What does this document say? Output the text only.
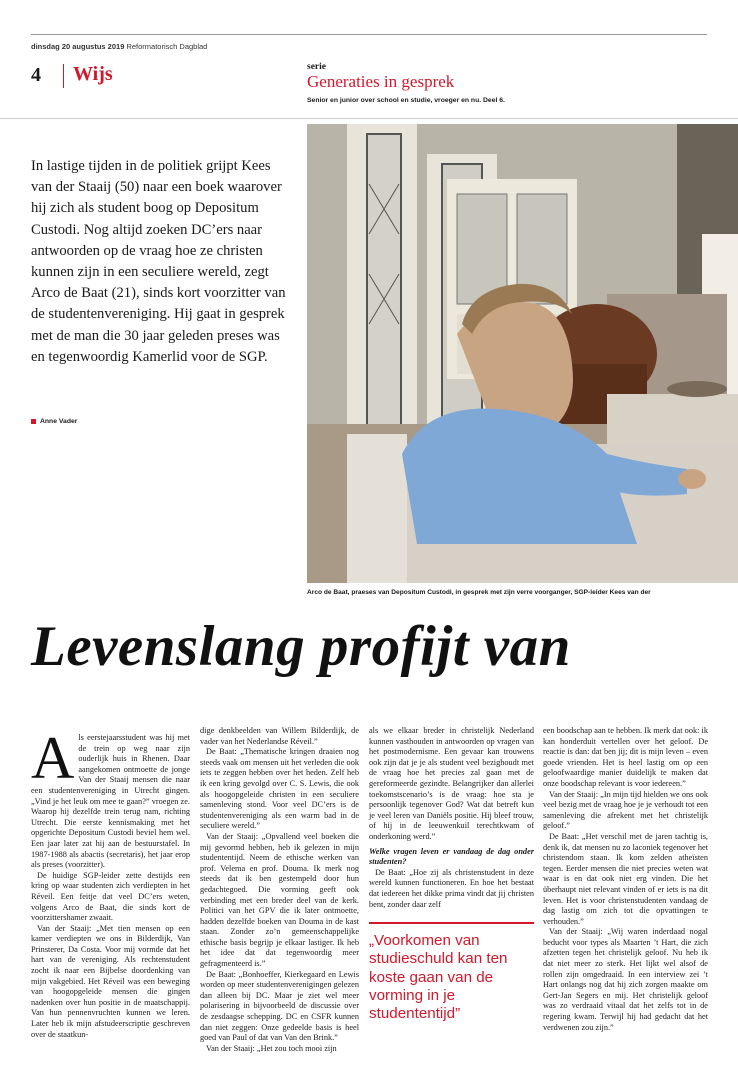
dinsdag 20 augustus 2019 Reformatorisch Dagblad
4 Wijs	serie
Generaties in gesprek
Senior en junior over school en studie, vroeger en nu. Deel 6.
In lastige tijden in de politiek grijpt Kees van der Staaij (50) naar een boek waarover hij zich als student boog op Depositum Custodi. Nog altijd zoeken DC’ers naar antwoorden op de vraag hoe ze christen kunnen zijn in een seculiere wereld, zegt Arco de Baat (21), sinds kort voorzitter van de studentenvereniging. Hij gaat in gesprek met de man die 30 jaar geleden preses was en tegenwoordig Kamerlid voor de SGP.
Anne Vader
Arco de Baat, praeses van Depositum Custodi, in gesprek met zijn verre voorganger, SGP-leider Kees van der
Levenslang profijt van
A ls eerstejaarsstudent was hij met de trein op weg naar zijn ouderlijk huis in Rhenen. Daar aangekomen ontmoette de jonge Van der Staaij mensen die naar een studentenvereniging in Utrecht gingen. „Vind je het leuk om mee te gaan?” vroegen ze. Waarop hij dezelfde trein terug nam, richting Utrecht. Die eerste kennismaking met het opgerichte Depositum Custodi beviel hem wel. Een jaar later zat hij aan de bestuurstafel. In 1987-1988 als abactis (secretaris), het jaar erop als preses (voorzitter).

De huidige SGP-leider zette destijds een kring op waar studenten zich verdiepten in het Réveil. Een feitje dat veel DC’ers weten, volgens Arco de Baat, die sinds kort de voorzittershamer zwaait.

Van der Staaij: „Met tien mensen op een kamer verdiepten we ons in Bilderdijk, Van Prinsterer, Da Costa. Voor mij vormde dat het hart van de vereniging. Als rechtenstudent zocht ik naar een Bijbelse doordenking van mijn vakgebied. Het Réveil was een beweging van hoogopgeleide mensen die gingen nadenken over hun positie in de maatschappij. Van hun pennenvruchten kunnen we leren. Later heb ik mijn afstudeerscriptie geschreven over de staatkun-

dige denkbeelden van Willem Bilderdijk, de vader van het Nederlandse Réveil.”

De Baat: „Thematische kringen draaien nog steeds vaak om mensen uit het verleden die ook iets te zeggen hebben over het heden. Zelf heb ik een kring gevolgd over C. S. Lewis, die ook als hoogopgeleide christen in een seculiere samenleving stond. Voor veel DC’ers is de studentenvereniging als een warm bad in de seculiere wereld.”

Van der Staaij: „Opvallend veel boeken die mij gevormd hebben, heb ik gelezen in mijn studententijd. Neem de ethische werken van prof. Velema en prof. Douma. Ik merk nog steeds dat ik ben gestempeld door hun gedachtegoed. Die vorming geeft ook verbinding met een breder deel van de kerk. Politici van het GPV die ik later ontmoette, hadden dezelfde boeken van Douma in de kast staan. Zonder zo’n gemeenschappelijke ethische basis begrijp je elkaar lastiger. Ik heb het idee dat dat tegenwoordig meer gefragmenteerd is.”

De Baat: „Bonhoeffer, Kierkegaard en Lewis worden op meer studentenverenigingen gelezen dan alleen bij DC. Maar je ziet wel meer polarisering in bijvoorbeeld de discussie over de zesdaagse schepping. DC en CSFR kunnen dan niet zeggen: Onze gedeelde basis is heel goed van Paul of dat van Van den Brink.”

Van der Staaij: „Het zou toch mooi zijn

als we elkaar breder in christelijk Nederland kunnen vasthouden in antwoorden op vragen van het postmodernisme. Een gevaar kan trouwens ook zijn dat je je als student veel bezighoudt met de vraag hoe het precies zal gaan met de gereformeerde gezindte. Belangrijker dan allerlei toekomstscenario’s is de vraag: hoe sta je persoonlijk tegenover God? Wat dat betreft kun je veel leren van Daniëls positie. Hij bleef trouw, of hij in de leeuwenkuil terechtkwam of onderkoning werd.”

Welke vragen leven er vandaag de dag onder studenten?

De Baat: „Hoe zij als christenstudent in deze wereld kunnen functioneren. En hoe het bestaat dat iedereen het dikke prima vindt dat jij christen bent, zonder daar zelf

„Voorkomen van studieschuld kan ten koste gaan van de vorming in je studententijd”

een boodschap aan te hebben. Ik merk dat ook: ik kan honderduit vertellen over het geloof. De reactie is dan: dat ben jij; dit is mijn leven – even goede vrienden. Het is heel lastig om op een geloofwaardige manier duidelijk te maken dat onze boodschap relevant is voor iedereen.”

Van der Staaij: „In mijn tijd hielden we ons ook veel bezig met de vraag hoe je je verhoudt tot een samenleving die afrekent met het christelijk geloof.”

De Baat: „Het verschil met de jaren tachtig is, denk ik, dat mensen nu zo laconiek tegenover het christendom staan. Ik kom zelden atheïsten tegen. Eerder mensen die niet precies weten wat waar is en dat ook niet erg vinden. Die het überhaupt niet relevant vinden of er iets is na dit leven. Het is voor christenstudenten vandaag de dag lastig om zich tot die opvattingen te verhouden.”

Van der Staaij: „Wij waren inderdaad nogal beducht voor types als Maarten ’t Hart, die zich afzetten tegen het christelijk geloof. Nu heb ik dat niet meer zo sterk. Het lijkt wel alsof de rollen zijn omgedraaid. In een interview zei ’t Hart onlangs nog dat hij zich zorgen maakte om Gert-Jan Segers en mij. Het christelijk geloof was zo verdraaid vitaal dat het zelfs tot in de regering kwam. Terwijl hij had gedacht dat het verdwenen zou zijn.”
